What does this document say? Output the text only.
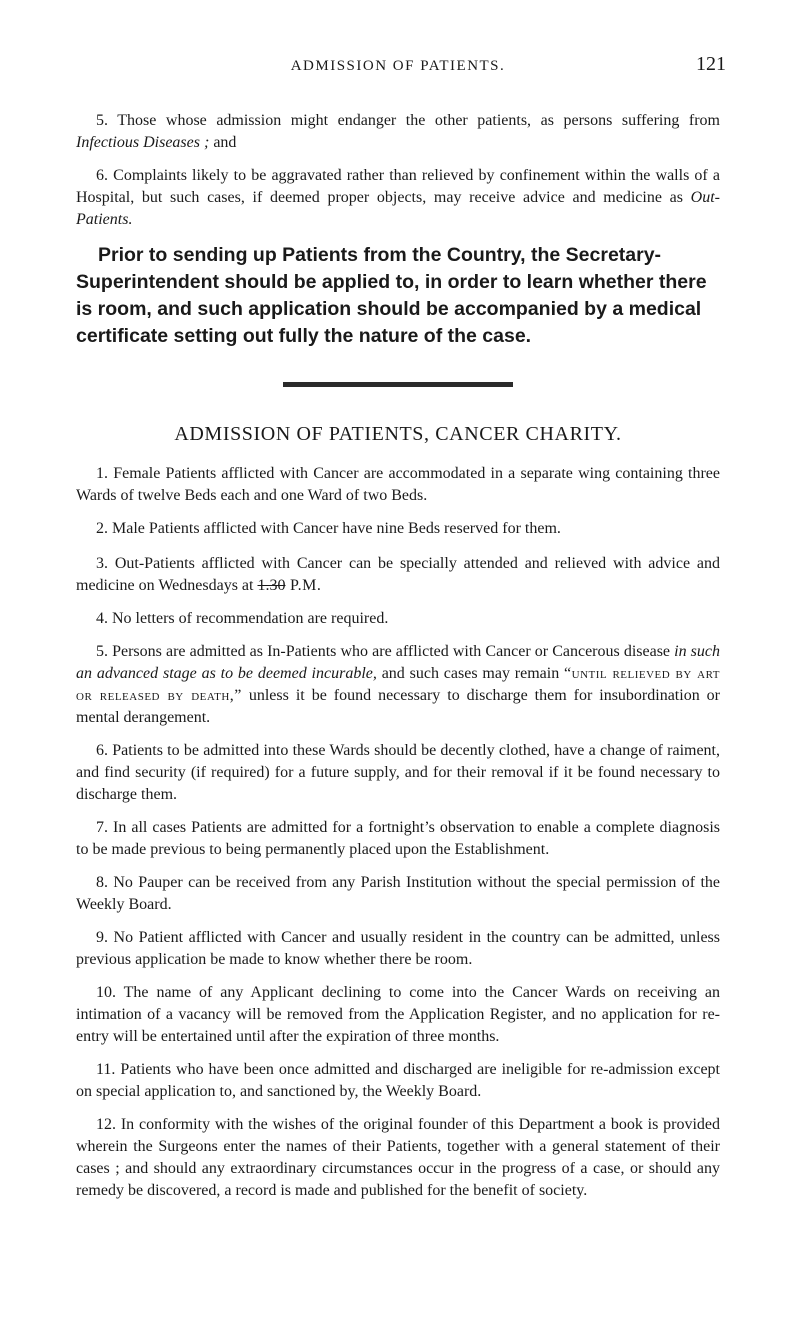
ADMISSION OF PATIENTS.	121

5. Those whose admission might endanger the other patients, as persons suffering from Infectious Diseases ; and

6. Complaints likely to be aggravated rather than relieved by confinement within the walls of a Hospital, but such cases, if deemed proper objects, may receive advice and medicine as Out-Patients.

Prior to sending up Patients from the Country, the Secretary-Superintendent should be applied to, in order to learn whether there is room, and such application should be accompanied by a medical certificate setting out fully the nature of the case.

ADMISSION OF PATIENTS, CANCER CHARITY.

1. Female Patients afflicted with Cancer are accommodated in a separate wing containing three Wards of twelve Beds each and one Ward of two Beds.

2. Male Patients afflicted with Cancer have nine Beds reserved for them.

3. Out-Patients afflicted with Cancer can be specially attended and relieved with advice and medicine on Wednesdays at 1.30 P.M.

4. No letters of recommendation are required.

5. Persons are admitted as In-Patients who are afflicted with Cancer or Cancerous disease in such an advanced stage as to be deemed incurable, and such cases may remain “until relieved by art or released by death,” unless it be found necessary to discharge them for insubordination or mental derangement.

6. Patients to be admitted into these Wards should be decently clothed, have a change of raiment, and find security (if required) for a future supply, and for their removal if it be found necessary to discharge them.

7. In all cases Patients are admitted for a fortnight’s observation to enable a complete diagnosis to be made previous to being permanently placed upon the Establishment.

8. No Pauper can be received from any Parish Institution without the special permission of the Weekly Board.

9. No Patient afflicted with Cancer and usually resident in the country can be admitted, unless previous application be made to know whether there be room.

10. The name of any Applicant declining to come into the Cancer Wards on receiving an intimation of a vacancy will be removed from the Application Register, and no application for re-entry will be entertained until after the expiration of three months.

11. Patients who have been once admitted and discharged are ineligible for re-admission except on special application to, and sanctioned by, the Weekly Board.

12. In conformity with the wishes of the original founder of this Department a book is provided wherein the Surgeons enter the names of their Patients, together with a general statement of their cases ; and should any extraordinary circumstances occur in the progress of a case, or should any remedy be discovered, a record is made and published for the benefit of society.
